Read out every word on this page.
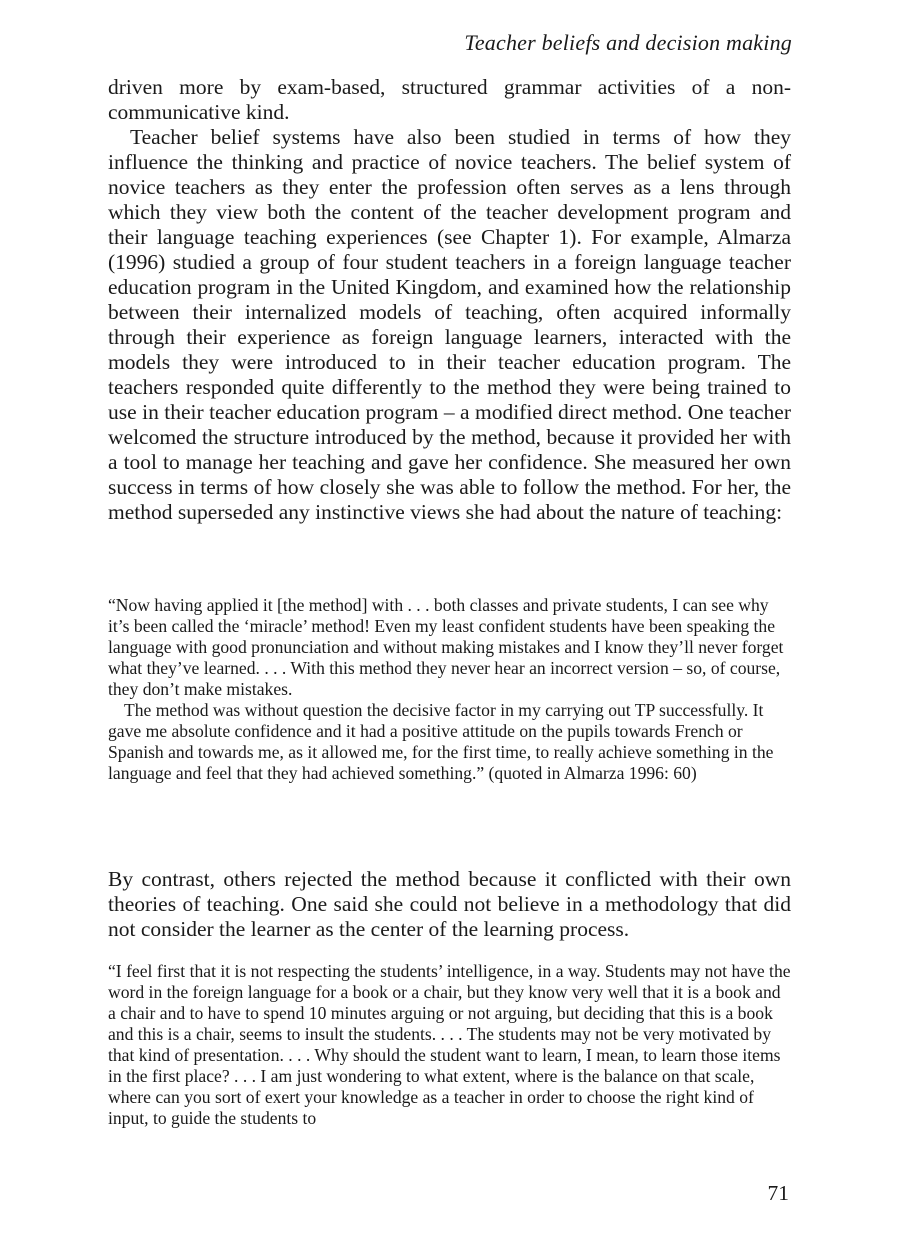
Teacher beliefs and decision making

driven more by exam-based, structured grammar activities of a non-communicative kind.

Teacher belief systems have also been studied in terms of how they influence the thinking and practice of novice teachers. The belief system of novice teachers as they enter the profession often serves as a lens through which they view both the content of the teacher development program and their language teaching experiences (see Chapter 1). For example, Almarza (1996) studied a group of four student teachers in a foreign language teacher education program in the United Kingdom, and examined how the relationship between their internalized models of teaching, often acquired informally through their experience as foreign language learners, interacted with the models they were introduced to in their teacher education program. The teachers responded quite differently to the method they were being trained to use in their teacher education program – a modified direct method. One teacher welcomed the structure introduced by the method, because it provided her with a tool to manage her teaching and gave her confidence. She measured her own success in terms of how closely she was able to follow the method. For her, the method superseded any instinctive views she had about the nature of teaching:

“Now having applied it [the method] with . . . both classes and private students, I can see why it’s been called the ‘miracle’ method! Even my least confident students have been speaking the language with good pronunciation and without making mistakes and I know they’ll never forget what they’ve learned. . . . With this method they never hear an incorrect version – so, of course, they don’t make mistakes.

The method was without question the decisive factor in my carrying out TP successfully. It gave me absolute confidence and it had a positive attitude on the pupils towards French or Spanish and towards me, as it allowed me, for the first time, to really achieve something in the language and feel that they had achieved something.” (quoted in Almarza 1996: 60)

By contrast, others rejected the method because it conflicted with their own theories of teaching. One said she could not believe in a methodology that did not consider the learner as the center of the learning process.

“I feel first that it is not respecting the students’ intelligence, in a way. Students may not have the word in the foreign language for a book or a chair, but they know very well that it is a book and a chair and to have to spend 10 minutes arguing or not arguing, but deciding that this is a book and this is a chair, seems to insult the students. . . . The students may not be very motivated by that kind of presentation. . . . Why should the student want to learn, I mean, to learn those items in the first place? . . . I am just wondering to what extent, where is the balance on that scale, where can you sort of exert your knowledge as a teacher in order to choose the right kind of input, to guide the students to

71
